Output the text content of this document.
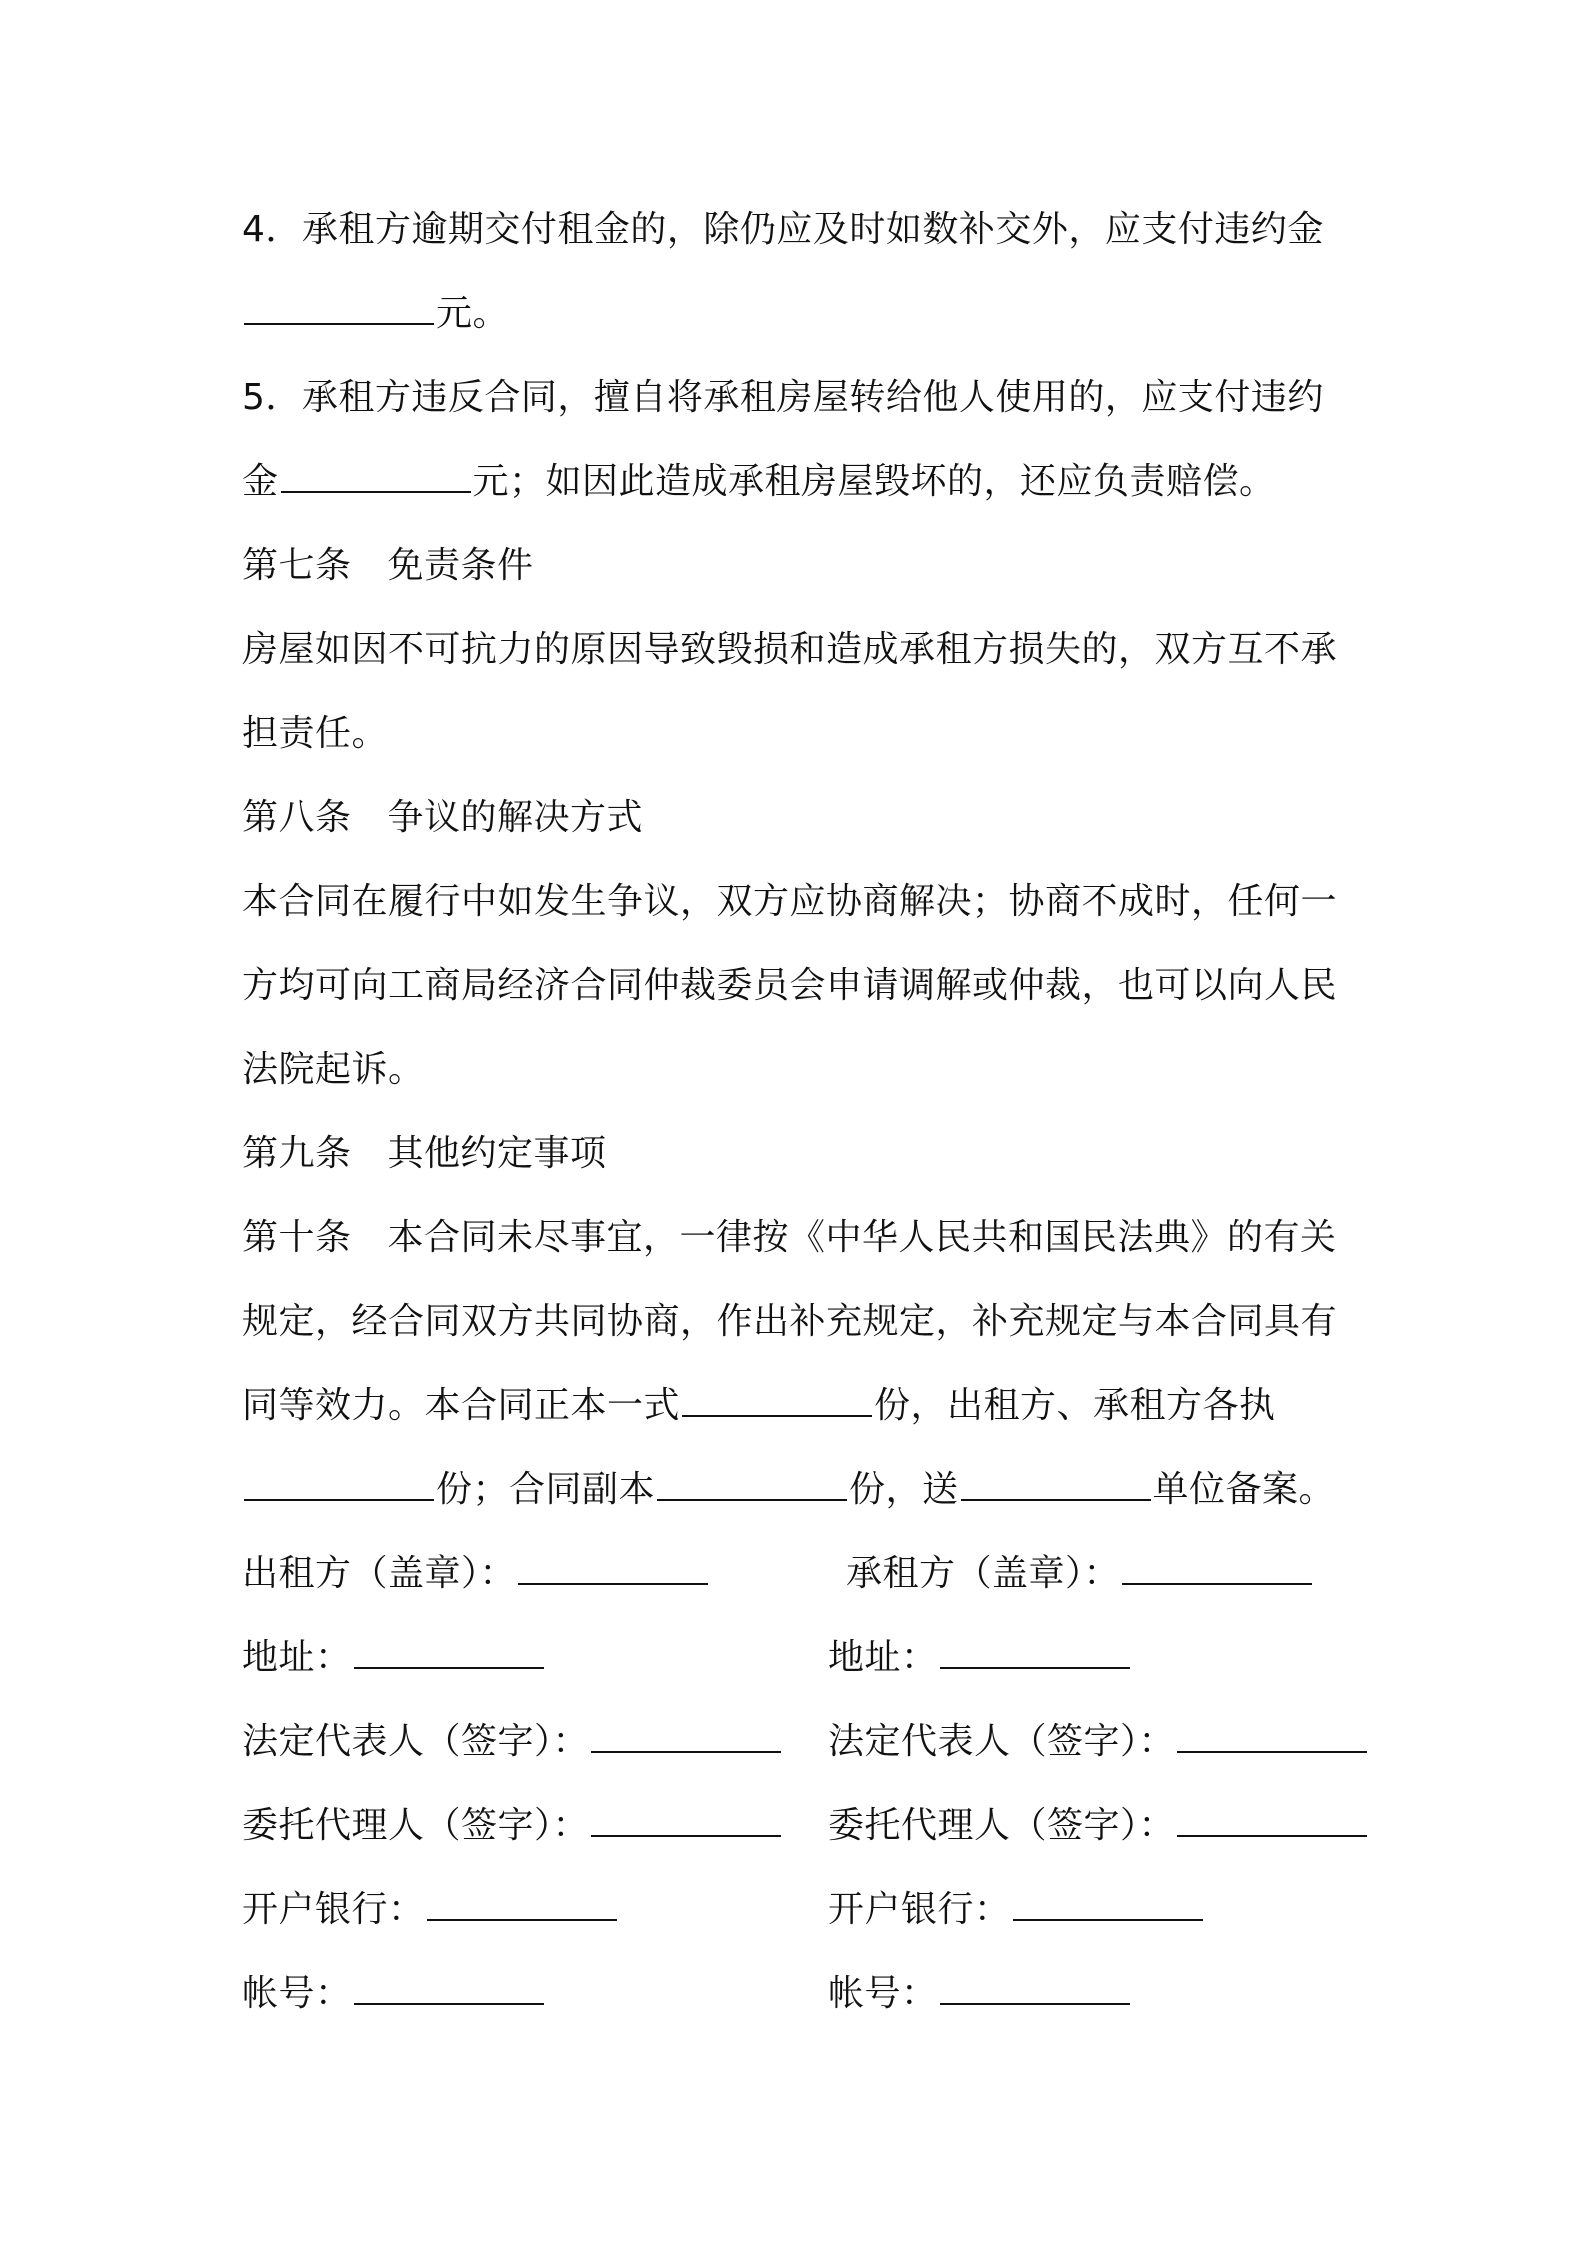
4．承租方逾期交付租金的，除仍应及时如数补交外，应支付违约金
元。
5．承租方违反合同，擅自将承租房屋转给他人使用的，应支付违约
金	元；如因此造成承租房屋毁坏的，还应负责赔偿。
第七条 免责条件
房屋如因不可抗力的原因导致毁损和造成承租方损失的，双方互不承
担责任。
第八条 争议的解决方式
本合同在履行中如发生争议，双方应协商解决；协商不成时，任何一
方均可向工商局经济合同仲裁委员会申请调解或仲裁，也可以向人民
法院起诉。
第九条 其他约定事项
第十条 本合同未尽事宜，一律按《中华人民共和国民法典》的有关
规定，经合同双方共同协商，作出补充规定，补充规定与本合同具有
同等效力。本合同正本一式	份，出租方、承租方各执
份；合同副本	份，送	单位备案。
出租方（盖章）：	承租方（盖章）：
地址：	地址：
法定代表人（签字）：	法定代表人（签字）：
委托代理人（签字）：	委托代理人（签字）：
开户银行：	开户银行：
帐号：	帐号：
